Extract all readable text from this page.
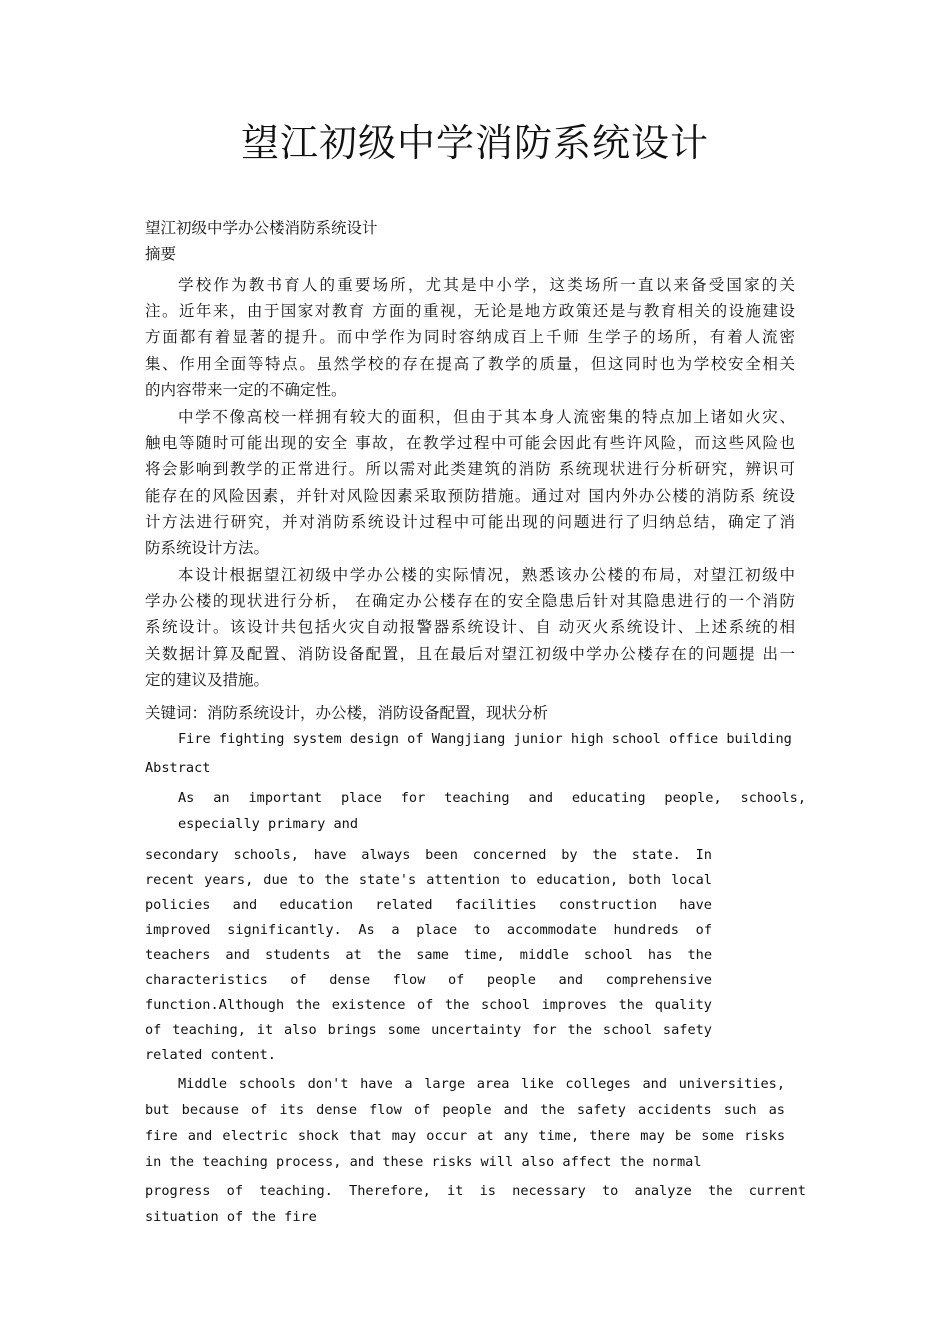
望江初级中学消防系统设计
望江初级中学办公楼消防系统设计
摘要
学校作为教书育人的重要场所，尤其是中小学，这类场所一直以来备受国家的关
注。近年来，由于国家对教育 方面的重视，无论是地方政策还是与教育相关的设施建设
方面都有着显著的提升。而中学作为同时容纳成百上千师 生学子的场所，有着人流密
集、作用全面等特点。虽然学校的存在提高了教学的质量，但这同时也为学校安全相关
的内容带来一定的不确定性。
中学不像高校一样拥有较大的面积，但由于其本身人流密集的特点加上诸如火灾、
触电等随时可能出现的安全 事故，在教学过程中可能会因此有些许风险，而这些风险也
将会影响到教学的正常进行。所以需对此类建筑的消防 系统现状进行分析研究，辨识可
能存在的风险因素，并针对风险因素采取预防措施。通过对 国内外办公楼的消防系 统设
计方法进行研究，并对消防系统设计过程中可能出现的问题进行了归纳总结，确定了消
防系统设计方法。
本设计根据望江初级中学办公楼的实际情况，熟悉该办公楼的布局，对望江初级中
学办公楼的现状进行分析， 在确定办公楼存在的安全隐患后针对其隐患进行的一个消防
系统设计。该设计共包括火灾自动报警器系统设计、自 动灭火系统设计、上述系统的相
关数据计算及配置、消防设备配置，且在最后对望江初级中学办公楼存在的问题提 出一
定的建议及措施。
关键词：消防系统设计，办公楼，消防设备配置，现状分析
Fire fighting system design of Wangjiang junior high school office building
Abstract
As an important place for teaching and educating people, schools,
especially primary and
secondary schools, have always been concerned by the state. In
recent years, due to the state's attention to education, both local
policies and education related facilities construction have
improved significantly. As a place to accommodate hundreds of
teachers and students at the same time, middle school has the
characteristics of dense flow of people and comprehensive
function.Although the existence of the school improves the quality
of teaching, it also brings some uncertainty for the school safety
related content.
Middle schools don't have a large area like colleges and universities,
but because of its dense flow of people and the safety accidents such as
fire and electric shock that may occur at any time, there may be some risks
in the teaching process, and these risks will also affect the normal
progress of teaching. Therefore, it is necessary to analyze the current
situation of the fire
